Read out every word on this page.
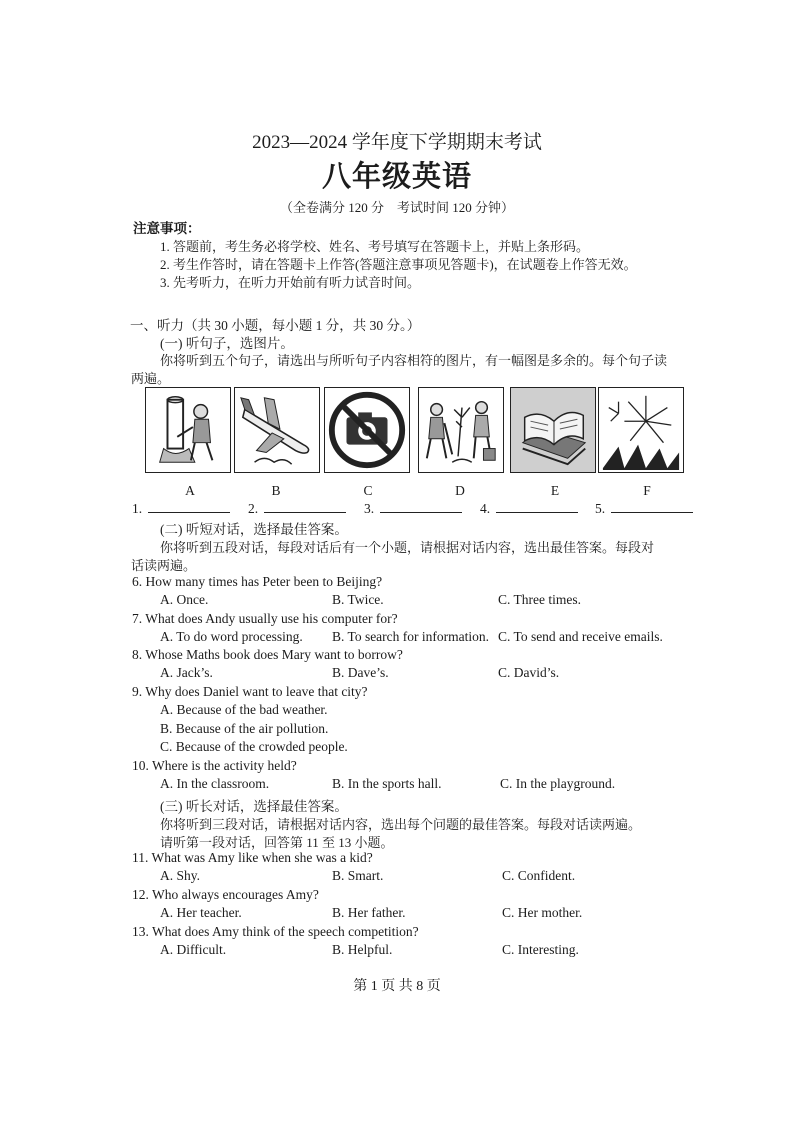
2023—2024 学年度下学期期末考试
八年级英语
（全卷满分 120 分　考试时间 120 分钟）
注意事项：
1. 答题前，考生务必将学校、姓名、考号填写在答题卡上，并贴上条形码。
2. 考生作答时，请在答题卡上作答(答题注意事项见答题卡)，在试题卷上作答无效。
3. 先考听力，在听力开始前有听力试音时间。
一、听力（共 30 小题，每小题 1 分，共 30 分。）
(一) 听句子，选图片。
你将听到五个句子，请选出与所听句子内容相符的图片，有一幅图是多余的。每个句子读
两遍。
A	B	C	D	E	F
1.	2.	3.	4.	5.
(二) 听短对话，选择最佳答案。
你将听到五段对话，每段对话后有一个小题，请根据对话内容，选出最佳答案。每段对
话读两遍。
6. How many times has Peter been to Beijing?
A. Once.	B. Twice.	C. Three times.
7. What does Andy usually use his computer for?
A. To do word processing. B. To search for information. C. To send and receive emails.
8. Whose Maths book does Mary want to borrow?
A. Jack’s.	B. Dave’s.	C. David’s.
9. Why does Daniel want to leave that city?
A. Because of the bad weather.
B. Because of the air pollution.
C. Because of the crowded people.
10. Where is the activity held?
A. In the classroom.	B. In the sports hall.	C. In the playground.
(三) 听长对话，选择最佳答案。
你将听到三段对话，请根据对话内容，选出每个问题的最佳答案。每段对话读两遍。
请听第一段对话，回答第 11 至 13 小题。
11. What was Amy like when she was a kid?
A. Shy.	B. Smart.	C. Confident.
12. Who always encourages Amy?
A. Her teacher.	B. Her father.	C. Her mother.
13. What does Amy think of the speech competition?
A. Difficult.	B. Helpful.	C. Interesting.
第 1 页 共 8 页
